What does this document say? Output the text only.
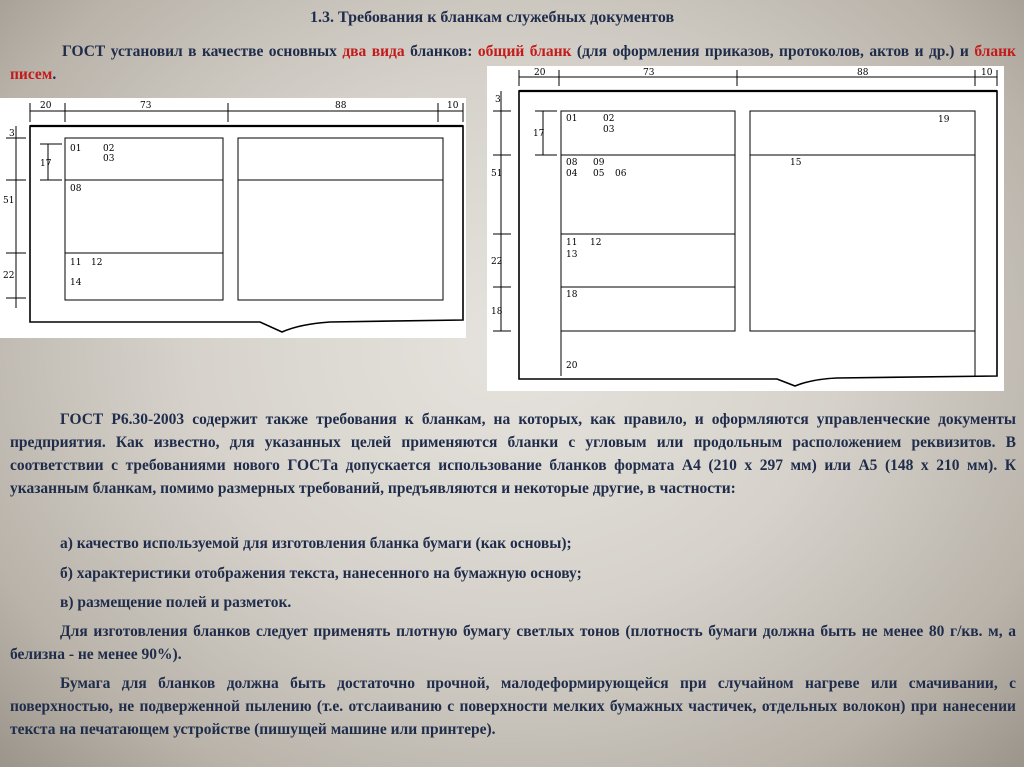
1.3. Требования к бланкам служебных документов

ГОСТ установил в качестве основных два вида бланков: общий бланк (для оформления приказов, протоколов, актов и др.) и бланк писем.

20	73	88	10
3
17
51
22
01 02
03
08
11 12
14
20	73	88	10
3
17
51
22
18
01	02
03
08 09
04 05 06
11 12
13
18
15
19
20

ГОСТ Р6.30-2003 содержит также требования к бланкам, на которых, как правило, и оформляются управленческие документы предприятия. Как известно, для указанных целей применяются бланки с угловым или продольным расположением реквизитов. В соответствии с требованиями нового ГОСТа допускается использование бланков формата А4 (210 х 297 мм) или А5 (148 х 210 мм). К указанным бланкам, помимо размерных требований, предъявляются и некоторые другие, в частности:

а) качество используемой для изготовления бланка бумаги (как основы);

б) характеристики отображения текста, нанесенного на бумажную основу;

в) размещение полей и разметок.

Для изготовления бланков следует применять плотную бумагу светлых тонов (плотность бумаги должна быть не менее 80 г/кв. м, а белизна - не менее 90%).

Бумага для бланков должна быть достаточно прочной, малодеформирующейся при случайном нагреве или смачивании, с поверхностью, не подверженной пылению (т.е. отслаиванию с поверхности мелких бумажных частичек, отдельных волокон) при нанесении текста на печатающем устройстве (пишущей машине или принтере).
